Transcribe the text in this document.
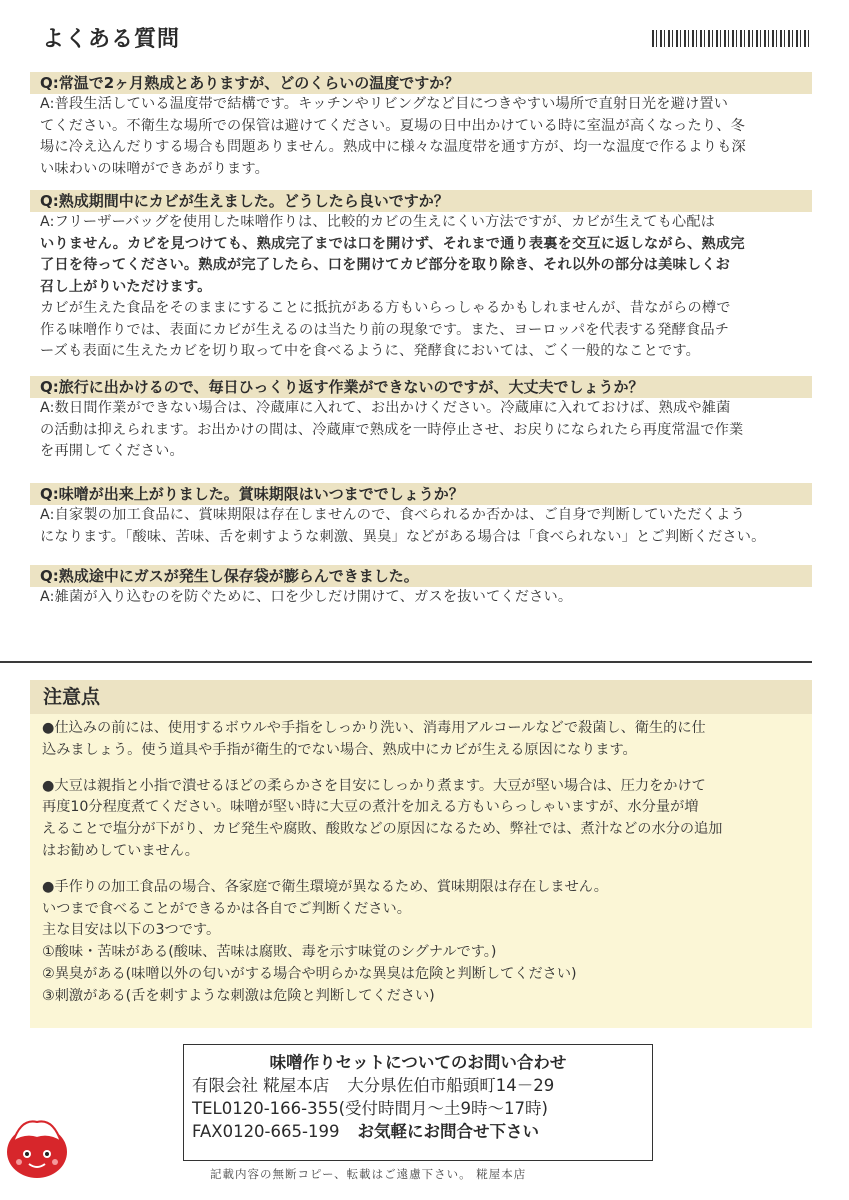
よくある質問
Q:常温で2ヶ月熟成とありますが、どのくらいの温度ですか？
A:普段生活している温度帯で結構です。キッチンやリビングなど目につきやすい場所で直射日光を避け置い
てください。不衛生な場所での保管は避けてください。夏場の日中出かけている時に室温が高くなったり、冬
場に冷え込んだりする場合も問題ありません。熟成中に様々な温度帯を通す方が、均一な温度で作るよりも深
い味わいの味噌ができあがります。
Q:熟成期間中にカビが生えました。どうしたら良いですか？
A:フリーザーバッグを使用した味噌作りは、比較的カビの生えにくい方法ですが、カビが生えても心配は
いりません。カビを見つけても、熟成完了までは口を開けず、それまで通り表裏を交互に返しながら、熟成完
了日を待ってください。熟成が完了したら、口を開けてカビ部分を取り除き、それ以外の部分は美味しくお
召し上がりいただけます。
カビが生えた食品をそのままにすることに抵抗がある方もいらっしゃるかもしれませんが、昔ながらの樽で
作る味噌作りでは、表面にカビが生えるのは当たり前の現象です。また、ヨーロッパを代表する発酵食品チ
ーズも表面に生えたカビを切り取って中を食べるように、発酵食においては、ごく一般的なことです。
Q:旅行に出かけるので、毎日ひっくり返す作業ができないのですが、大丈夫でしょうか？
A:数日間作業ができない場合は、冷蔵庫に入れて、お出かけください。冷蔵庫に入れておけば、熟成や雑菌
の活動は抑えられます。お出かけの間は、冷蔵庫で熟成を一時停止させ、お戻りになられたら再度常温で作業
を再開してください。
Q:味噌が出来上がりました。賞味期限はいつまででしょうか？
A:自家製の加工食品に、賞味期限は存在しませんので、食べられるか否かは、ご自身で判断していただくよう
になります。「酸味、苦味、舌を刺すような刺激、異臭」などがある場合は「食べられない」とご判断ください。
Q:熟成途中にガスが発生し保存袋が膨らんできました。
A:雑菌が入り込むのを防ぐために、口を少しだけ開けて、ガスを抜いてください。
注意点
●仕込みの前には、使用するボウルや手指をしっかり洗い、消毒用アルコールなどで殺菌し、衛生的に仕
込みましょう。使う道具や手指が衛生的でない場合、熟成中にカビが生える原因になります。
●大豆は親指と小指で潰せるほどの柔らかさを目安にしっかり煮ます。大豆が堅い場合は、圧力をかけて
再度10分程度煮てください。味噌が堅い時に大豆の煮汁を加える方もいらっしゃいますが、水分量が増
えることで塩分が下がり、カビ発生や腐敗、酸敗などの原因になるため、弊社では、煮汁などの水分の追加
はお勧めしていません。
●手作りの加工食品の場合、各家庭で衛生環境が異なるため、賞味期限は存在しません。
いつまで食べることができるかは各自でご判断ください。
主な目安は以下の3つです。
①酸味・苦味がある(酸味、苦味は腐敗、毒を示す味覚のシグナルです。)
②異臭がある(味噌以外の匂いがする場合や明らかな異臭は危険と判断してください)
③刺激がある(舌を刺すような刺激は危険と判断してください)
味噌作りセットについてのお問い合わせ
有限会社 糀屋本店 大分県佐伯市船頭町14－29
TEL0120-166-355(受付時間月～土9時～17時)
FAX0120-665-199 お気軽にお問合せ下さい
記載内容の無断コピー、転載はご遠慮下さい。 糀屋本店
